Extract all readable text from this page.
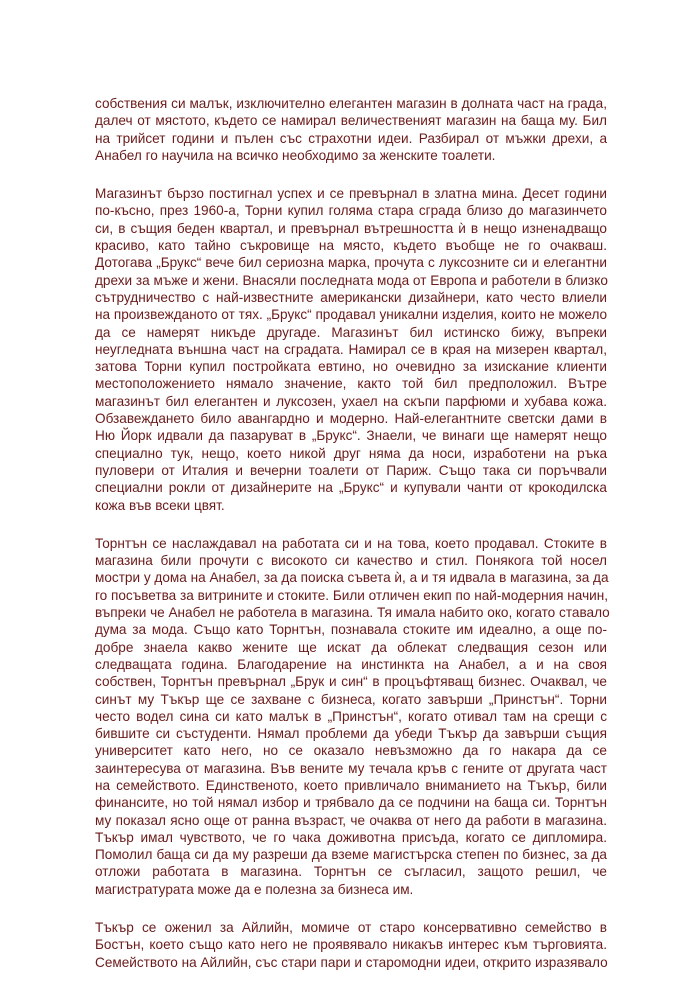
собствения си малък, изключително елегантен магазин в долната част на града,
далеч от мястото, където се намирал величественият магазин на баща му. Бил
на трийсет години и пълен със страхотни идеи. Разбирал от мъжки дрехи, а
Анабел го научила на всичко необходимо за женските тоалети.

Магазинът бързо постигнал успех и се превърнал в златна мина. Десет години
по-късно, през 1960-а, Торни купил голяма стара сграда близо до магазинчето
си, в същия беден квартал, и превърнал вътрешността ѝ в нещо изненадващо
красиво, като тайно съкровище на място, където въобще не го очакваш.
Дотогава „Брукс“ вече бил сериозна марка, прочута с луксозните си и елегантни
дрехи за мъже и жени. Внасяли последната мода от Европа и работели в близко
сътрудничество с най-известните американски дизайнери, като често влиели
на произвежданото от тях. „Брукс“ продавал уникални изделия, които не можело
да се намерят никъде другаде. Магазинът бил истинско бижу, въпреки
неугледната външна част на сградата. Намирал се в края на мизерен квартал,
затова Торни купил постройката евтино, но очевидно за изискание клиенти
местоположението нямало значение, както той бил предположил. Вътре
магазинът бил елегантен и луксозен, ухаел на скъпи парфюми и хубава кожа.
Обзавеждането било авангардно и модерно. Най-елегантните светски дами в
Ню Йорк идвали да пазаруват в „Брукс“. Знаели, че винаги ще намерят нещо
специално тук, нещо, което никой друг няма да носи, изработени на ръка
пуловери от Италия и вечерни тоалети от Париж. Също така си поръчвали
специални рокли от дизайнерите на „Брукс“ и купували чанти от крокодилска
кожа във всеки цвят.

Торнтън се наслаждавал на работата си и на това, което продавал. Стоките в
магазина били прочути с високото си качество и стил. Понякога той носел
мостри у дома на Анабел, за да поиска съвета ѝ, а и тя идвала в магазина, за да
го посъветва за витрините и стоките. Били отличен екип по най-модерния начин,
въпреки че Анабел не работела в магазина. Тя имала набито око, когато ставало
дума за мода. Също като Торнтън, познавала стоките им идеално, а още по-
добре знаела какво жените ще искат да облекат следващия сезон или
следващата година. Благодарение на инстинкта на Анабел, а и на своя
собствен, Торнтън превърнал „Брук и син“ в процъфтяващ бизнес. Очаквал, че
синът му Тъкър ще се захване с бизнеса, когато завърши „Принстън“. Торни
често водел сина си като малък в „Принстън“, когато отивал там на срещи с
бившите си състуденти. Нямал проблеми да убеди Тъкър да завърши същия
университет като него, но се оказало невъзможно да го накара да се
заинтересува от магазина. Във вените му течала кръв с гените от другата част
на семейството. Единственото, което привличало вниманието на Тъкър, били
финансите, но той нямал избор и трябвало да се подчини на баща си. Торнтън
му показал ясно още от ранна възраст, че очаква от него да работи в магазина.
Тъкър имал чувството, че го чака доживотна присъда, когато се дипломира.
Помолил баща си да му разреши да вземе магистърска степен по бизнес, за да
отложи работата в магазина. Торнтън се съгласил, защото решил, че
магистратурата може да е полезна за бизнеса им.

Тъкър се оженил за Айлийн, момиче от старо консервативно семейство в
Бостън, което също като него не проявявало никакъв интерес към търговията.
Семейството на Айлийн, със стари пари и старомодни идеи, открито изразявало
